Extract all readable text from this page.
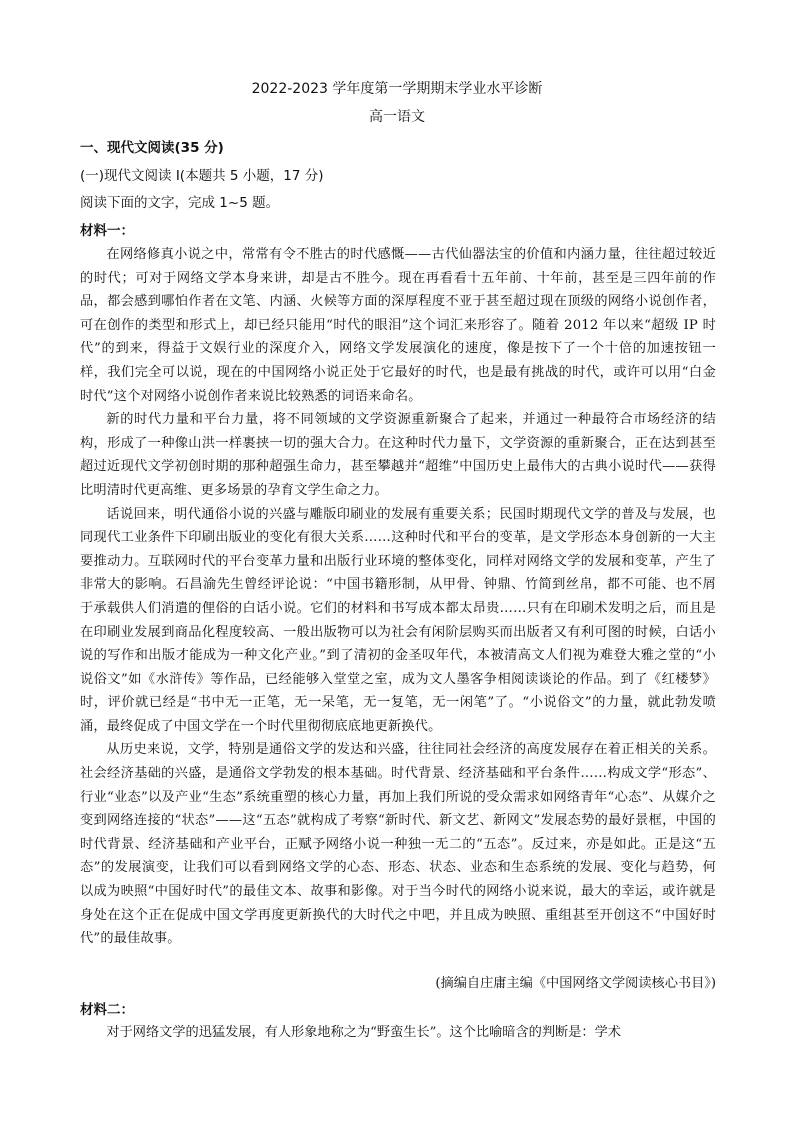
2022-2023 学年度第一学期期末学业水平诊断
高一语文
一、现代文阅读(35 分)
(一)现代文阅读 I(本题共 5 小题，17 分)
阅读下面的文字，完成 1~5 题。
材料一：

在网络修真小说之中，常常有令不胜古的时代感慨——古代仙器法宝的价值和内涵力量，往往超过较近的时代；可对于网络文学本身来讲，却是古不胜今。现在再看看十五年前、十年前，甚至是三四年前的作品，都会感到哪怕作者在文笔、内涵、火候等方面的深厚程度不亚于甚至超过现在顶级的网络小说创作者，可在创作的类型和形式上，却已经只能用“时代的眼泪”这个词汇来形容了。随着 2012 年以来“超级 IP 时代”的到来，得益于文娱行业的深度介入，网络文学发展演化的速度，像是按下了一个十倍的加速按钮一样，我们完全可以说，现在的中国网络小说正处于它最好的时代，也是最有挑战的时代，或许可以用“白金时代”这个对网络小说创作者来说比较熟悉的词语来命名。

新的时代力量和平台力量，将不同领域的文学资源重新聚合了起来，并通过一种最符合市场经济的结构，形成了一种像山洪一样裹挟一切的强大合力。在这种时代力量下，文学资源的重新聚合，正在达到甚至超过近现代文学初创时期的那种超强生命力，甚至攀越并“超维”中国历史上最伟大的古典小说时代——获得比明清时代更高维、更多场景的孕育文学生命之力。

话说回来，明代通俗小说的兴盛与雕版印刷业的发展有重要关系；民国时期现代文学的普及与发展，也同现代工业条件下印刷出版业的变化有很大关系……这种时代和平台的变革，是文学形态本身创新的一大主要推动力。互联网时代的平台变革力量和出版行业环境的整体变化，同样对网络文学的发展和变革，产生了非常大的影响。石昌渝先生曾经评论说：“中国书籍形制，从甲骨、钟鼎、竹简到丝帛，都不可能、也不屑于承载供人们消遣的俚俗的白话小说。它们的材料和书写成本都太昂贵……只有在印刷术发明之后，而且是在印刷业发展到商品化程度较高、一般出版物可以为社会有闲阶层购买而出版者又有利可图的时候，白话小说的写作和出版才能成为一种文化产业。”到了清初的金圣叹年代，本被清高文人们视为难登大雅之堂的“小说俗文”如《水浒传》等作品，已经能够入堂堂之室，成为文人墨客争相阅读谈论的作品。到了《红楼梦》时，评价就已经是“书中无一正笔，无一呆笔，无一复笔，无一闲笔”了。“小说俗文”的力量，就此勃发喷涌，最终促成了中国文学在一个时代里彻彻底底地更新换代。

从历史来说，文学，特别是通俗文学的发达和兴盛，往往同社会经济的高度发展存在着正相关的关系。社会经济基础的兴盛，是通俗文学勃发的根本基础。时代背景、经济基础和平台条件……构成文学“形态”、行业“业态”以及产业“生态”系统重塑的核心力量，再加上我们所说的受众需求如网络青年“心态”、从媒介之变到网络连接的“状态”——这“五态”就构成了考察“新时代、新文艺、新网文”发展态势的最好景框，中国的时代背景、经济基础和产业平台，正赋予网络小说一种独一无二的“五态”。反过来，亦是如此。正是这“五态”的发展演变，让我们可以看到网络文学的心态、形态、状态、业态和生态系统的发展、变化与趋势，何以成为映照“中国好时代”的最佳文本、故事和影像。对于当今时代的网络小说来说，最大的幸运，或许就是身处在这个正在促成中国文学再度更新换代的大时代之中吧，并且成为映照、重组甚至开创这不“中国好时代”的最佳故事。

(摘编自庄庸主编《中国网络文学阅读核心书目》)
材料二：
对于网络文学的迅猛发展，有人形象地称之为“野蛮生长”。这个比喻暗含的判断是：学术
